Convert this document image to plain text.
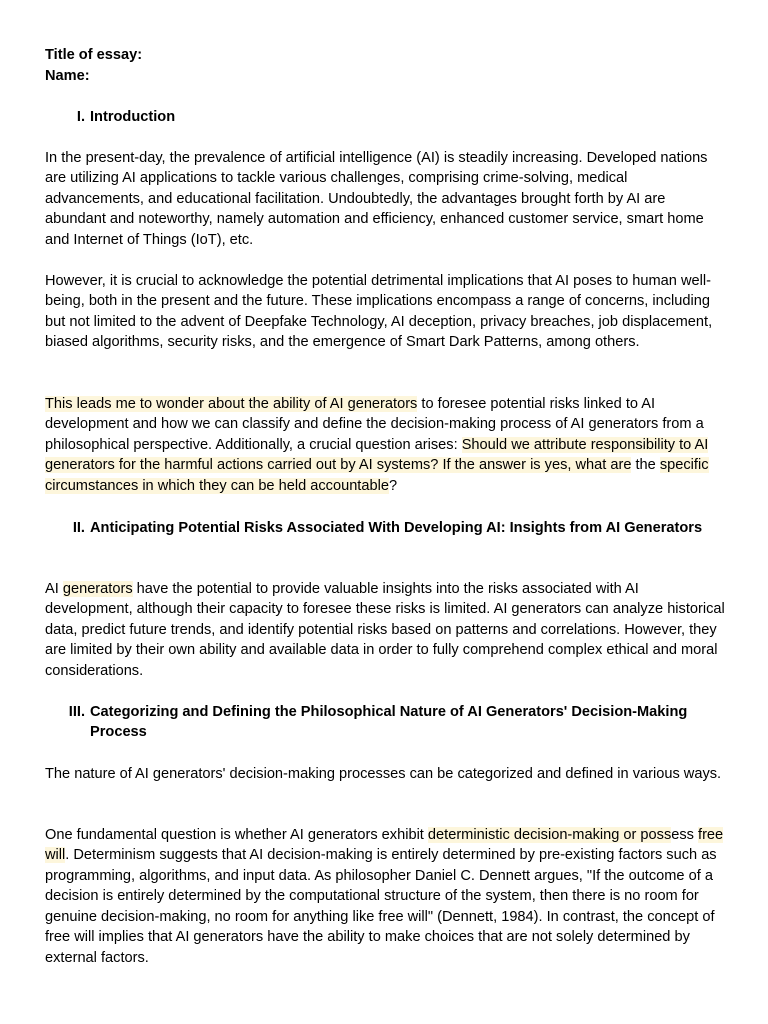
Title of essay:
Name:
I. Introduction

In the present-day, the prevalence of artificial intelligence (AI) is steadily increasing. Developed nations are utilizing AI applications to tackle various challenges, comprising crime-solving, medical advancements, and educational facilitation. Undoubtedly, the advantages brought forth by AI are abundant and noteworthy, namely automation and efficiency, enhanced customer service, smart home and Internet of Things (IoT), etc.

However, it is crucial to acknowledge the potential detrimental implications that AI poses to human well-being, both in the present and the future. These implications encompass a range of concerns, including but not limited to the advent of Deepfake Technology, AI deception, privacy breaches, job displacement, biased algorithms, security risks, and the emergence of Smart Dark Patterns, among others.

This leads me to wonder about the ability of AI generators to foresee potential risks linked to AI development and how we can classify and define the decision-making process of AI generators from a philosophical perspective. Additionally, a crucial question arises: Should we attribute responsibility to AI generators for the harmful actions carried out by AI systems? If the answer is yes, what are the specific circumstances in which they can be held accountable?

II. Anticipating Potential Risks Associated With Developing AI: Insights from AI Generators

AI generators have the potential to provide valuable insights into the risks associated with AI development, although their capacity to foresee these risks is limited. AI generators can analyze historical data, predict future trends, and identify potential risks based on patterns and correlations. However, they are limited by their own ability and available data in order to fully comprehend complex ethical and moral considerations.

III. Categorizing and Defining the Philosophical Nature of AI Generators' Decision-Making Process

The nature of AI generators' decision-making processes can be categorized and defined in various ways.

One fundamental question is whether AI generators exhibit deterministic decision-making or possess free will. Determinism suggests that AI decision-making is entirely determined by pre-existing factors such as programming, algorithms, and input data. As philosopher Daniel C. Dennett argues, "If the outcome of a decision is entirely determined by the computational structure of the system, then there is no room for genuine decision-making, no room for anything like free will" (Dennett, 1984). In contrast, the concept of free will implies that AI generators have the ability to make choices that are not solely determined by external factors.
